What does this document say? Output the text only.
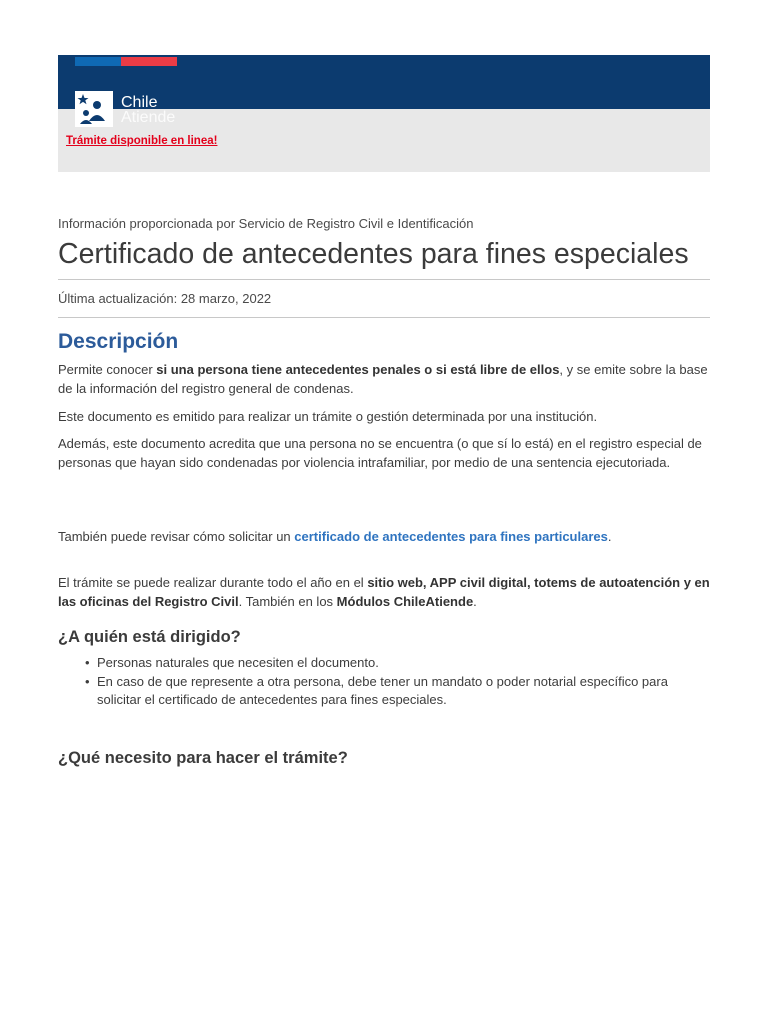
Chile
Atiende
Trámite disponible en linea!
Información proporcionada por Servicio de Registro Civil e Identificación
Certificado de antecedentes para fines especiales
Última actualización: 28 marzo, 2022
Descripción

Permite conocer si una persona tiene antecedentes penales o si está libre de ellos, y se emite sobre la base de la información del registro general de condenas.

Este documento es emitido para realizar un trámite o gestión determinada por una institución.

Además, este documento acredita que una persona no se encuentra (o que sí lo está) en el registro especial de personas que hayan sido condenadas por violencia intrafamiliar, por medio de una sentencia ejecutoriada.

También puede revisar cómo solicitar un certificado de antecedentes para fines particulares.

El trámite se puede realizar durante todo el año en el sitio web, APP civil digital, totems de autoatención y en las oficinas del Registro Civil. También en los Módulos ChileAtiende.

¿A quién está dirigido?
• Personas naturales que necesiten el documento.
• En caso de que represente a otra persona, debe tener un mandato o poder notarial específico para solicitar el certificado de antecedentes para fines especiales.
¿Qué necesito para hacer el trámite?
